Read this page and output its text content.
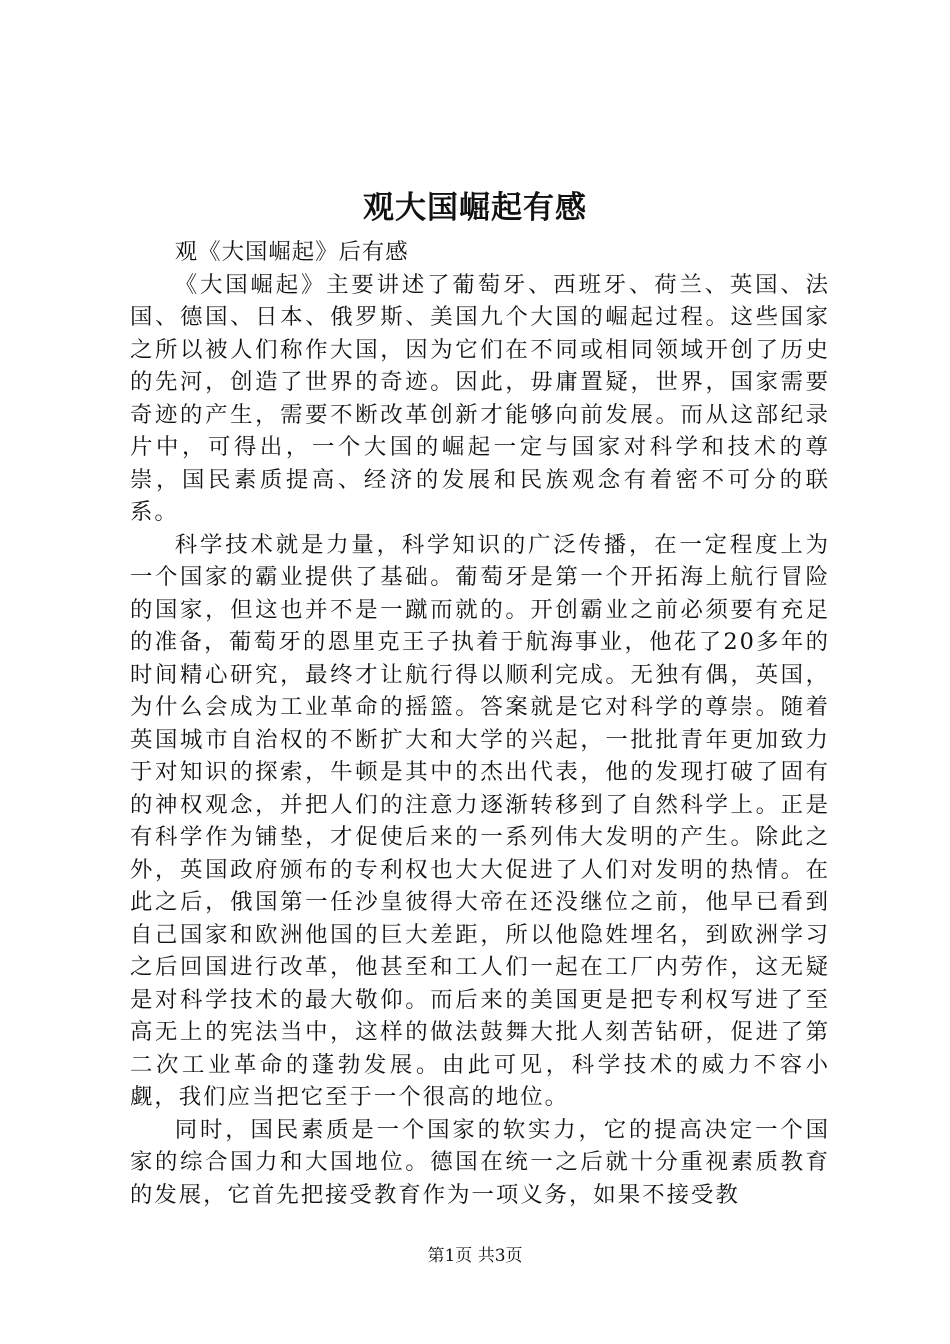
观大国崛起有感

观《大国崛起》后有感

《大国崛起》主要讲述了葡萄牙、西班牙、荷兰、英国、法国、德国、日本、俄罗斯、美国九个大国的崛起过程。这些国家之所以被人们称作大国，因为它们在不同或相同领域开创了历史的先河，创造了世界的奇迹。因此，毋庸置疑，世界，国家需要奇迹的产生，需要不断改革创新才能够向前发展。而从这部纪录片中，可得出，一个大国的崛起一定与国家对科学和技术的尊崇，国民素质提高、经济的发展和民族观念有着密不可分的联系。

科学技术就是力量，科学知识的广泛传播，在一定程度上为一个国家的霸业提供了基础。葡萄牙是第一个开拓海上航行冒险的国家，但这也并不是一蹴而就的。开创霸业之前必须要有充足的准备，葡萄牙的恩里克王子执着于航海事业，他花了20多年的时间精心研究，最终才让航行得以顺利完成。无独有偶，英国，为什么会成为工业革命的摇篮。答案就是它对科学的尊崇。随着英国城市自治权的不断扩大和大学的兴起，一批批青年更加致力于对知识的探索，牛顿是其中的杰出代表，他的发现打破了固有的神权观念，并把人们的注意力逐渐转移到了自然科学上。正是有科学作为铺垫，才促使后来的一系列伟大发明的产生。除此之外，英国政府颁布的专利权也大大促进了人们对发明的热情。在此之后，俄国第一任沙皇彼得大帝在还没继位之前，他早已看到自己国家和欧洲他国的巨大差距，所以他隐姓埋名，到欧洲学习之后回国进行改革，他甚至和工人们一起在工厂内劳作，这无疑是对科学技术的最大敬仰。而后来的美国更是把专利权写进了至高无上的宪法当中，这样的做法鼓舞大批人刻苦钻研，促进了第二次工业革命的蓬勃发展。由此可见，科学技术的威力不容小觑，我们应当把它至于一个很高的地位。

同时，国民素质是一个国家的软实力，它的提高决定一个国家的综合国力和大国地位。德国在统一之后就十分重视素质教育的发展，它首先把接受教育作为一项义务，如果不接受教

第1页 共3页
